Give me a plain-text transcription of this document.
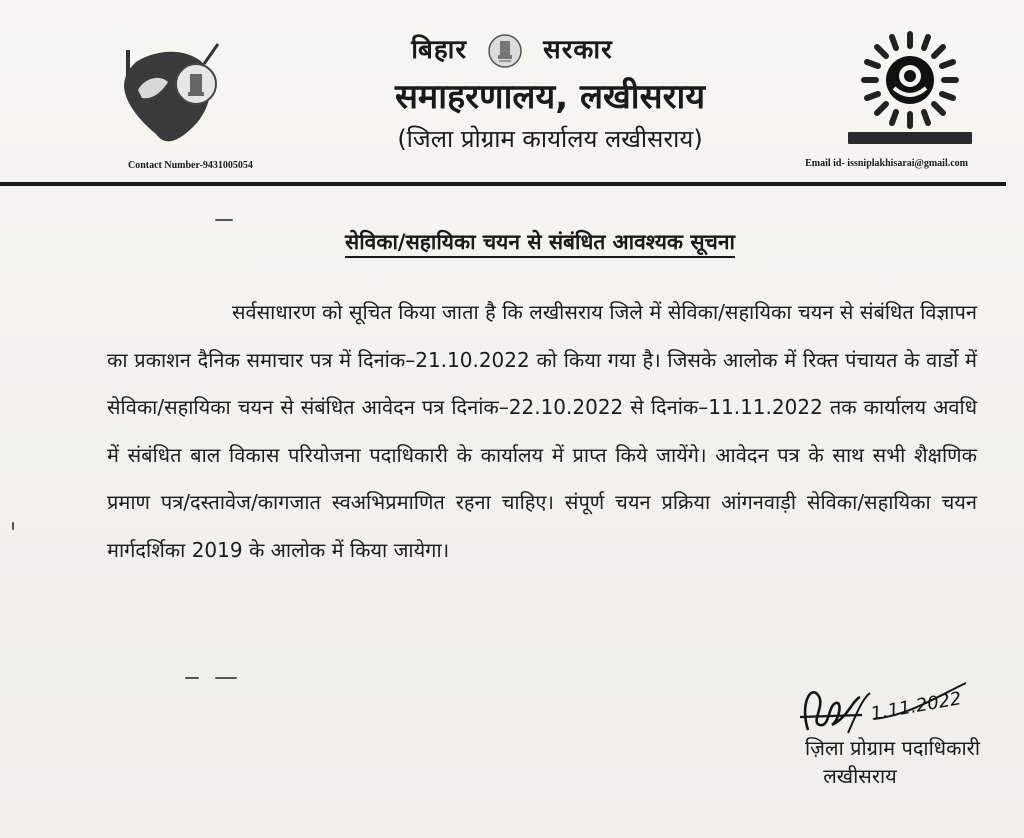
बिहार	सरकार
समाहरणालय, लखीसराय
(जिला प्रोग्राम कार्यालय लखीसराय)
Contact Number-9431005054	Email id- issniplakhisarai@gmail.com
सेविका/सहायिका चयन से संबंधित आवश्यक सूचना
सर्वसाधारण को सूचित किया जाता है कि लखीसराय जिले में सेविका/सहायिका चयन से संबंधित विज्ञापन का प्रकाशन दैनिक समाचार पत्र में दिनांक–21.10.2022 को किया गया है। जिसके आलोक में रिक्त पंचायत के वार्डो में सेविका/सहायिका चयन से संबंधित आवेदन पत्र दिनांक–22.10.2022 से दिनांक–11.11.2022 तक कार्यालय अवधि में संबंधित बाल विकास परियोजना पदाधिकारी के कार्यालय में प्राप्त किये जायेंगे। आवेदन पत्र के साथ सभी शैक्षणिक प्रमाण पत्र/दस्तावेज/कागजात स्वअभिप्रमाणित रहना चाहिए। संपूर्ण चयन प्रक्रिया आंगनवाड़ी सेविका/सहायिका चयन मार्गदर्शिका 2019 के आलोक में किया जायेगा।
1.11.2022
ज़िला प्रोग्राम पदाधिकारी
लखीसराय
